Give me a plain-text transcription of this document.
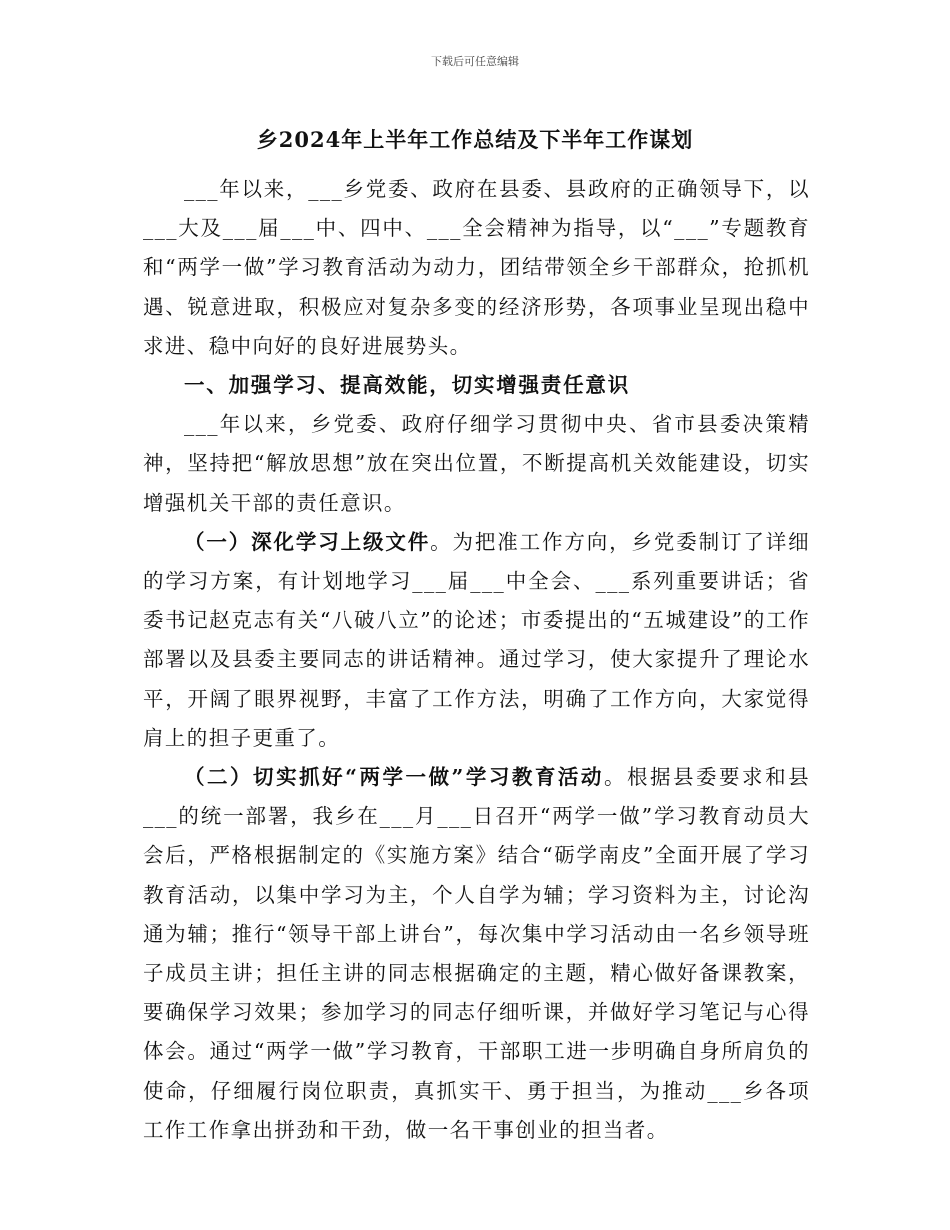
下载后可任意编辑
乡2024年上半年工作总结及下半年工作谋划

___年以来，___乡党委、政府在县委、县政府的正确领导下，以___大及___届___中、四中、___全会精神为指导，以“___”专题教育和“两学一做”学习教育活动为动力，团结带领全乡干部群众，抢抓机遇、锐意进取，积极应对复杂多变的经济形势，各项事业呈现出稳中求进、稳中向好的良好进展势头。

一、加强学习、提高效能，切实增强责任意识

___年以来，乡党委、政府仔细学习贯彻中央、省市县委决策精神，坚持把“解放思想”放在突出位置，不断提高机关效能建设，切实增强机关干部的责任意识。

（一）深化学习上级文件。为把准工作方向，乡党委制订了详细的学习方案，有计划地学习___届___中全会、___系列重要讲话；省委书记赵克志有关“八破八立”的论述；市委提出的“五城建设”的工作部署以及县委主要同志的讲话精神。通过学习，使大家提升了理论水平，开阔了眼界视野，丰富了工作方法，明确了工作方向，大家觉得肩上的担子更重了。

（二）切实抓好“两学一做”学习教育活动。根据县委要求和县___的统一部署，我乡在___月___日召开“两学一做”学习教育动员大会后，严格根据制定的《实施方案》结合“砺学南皮”全面开展了学习教育活动，以集中学习为主，个人自学为辅；学习资料为主，讨论沟通为辅；推行“领导干部上讲台”，每次集中学习活动由一名乡领导班子成员主讲；担任主讲的同志根据确定的主题，精心做好备课教案，要确保学习效果；参加学习的同志仔细听课，并做好学习笔记与心得体会。通过“两学一做”学习教育，干部职工进一步明确自身所肩负的使命，仔细履行岗位职责，真抓实干、勇于担当，为推动___乡各项工作工作拿出拼劲和干劲，做一名干事创业的担当者。
